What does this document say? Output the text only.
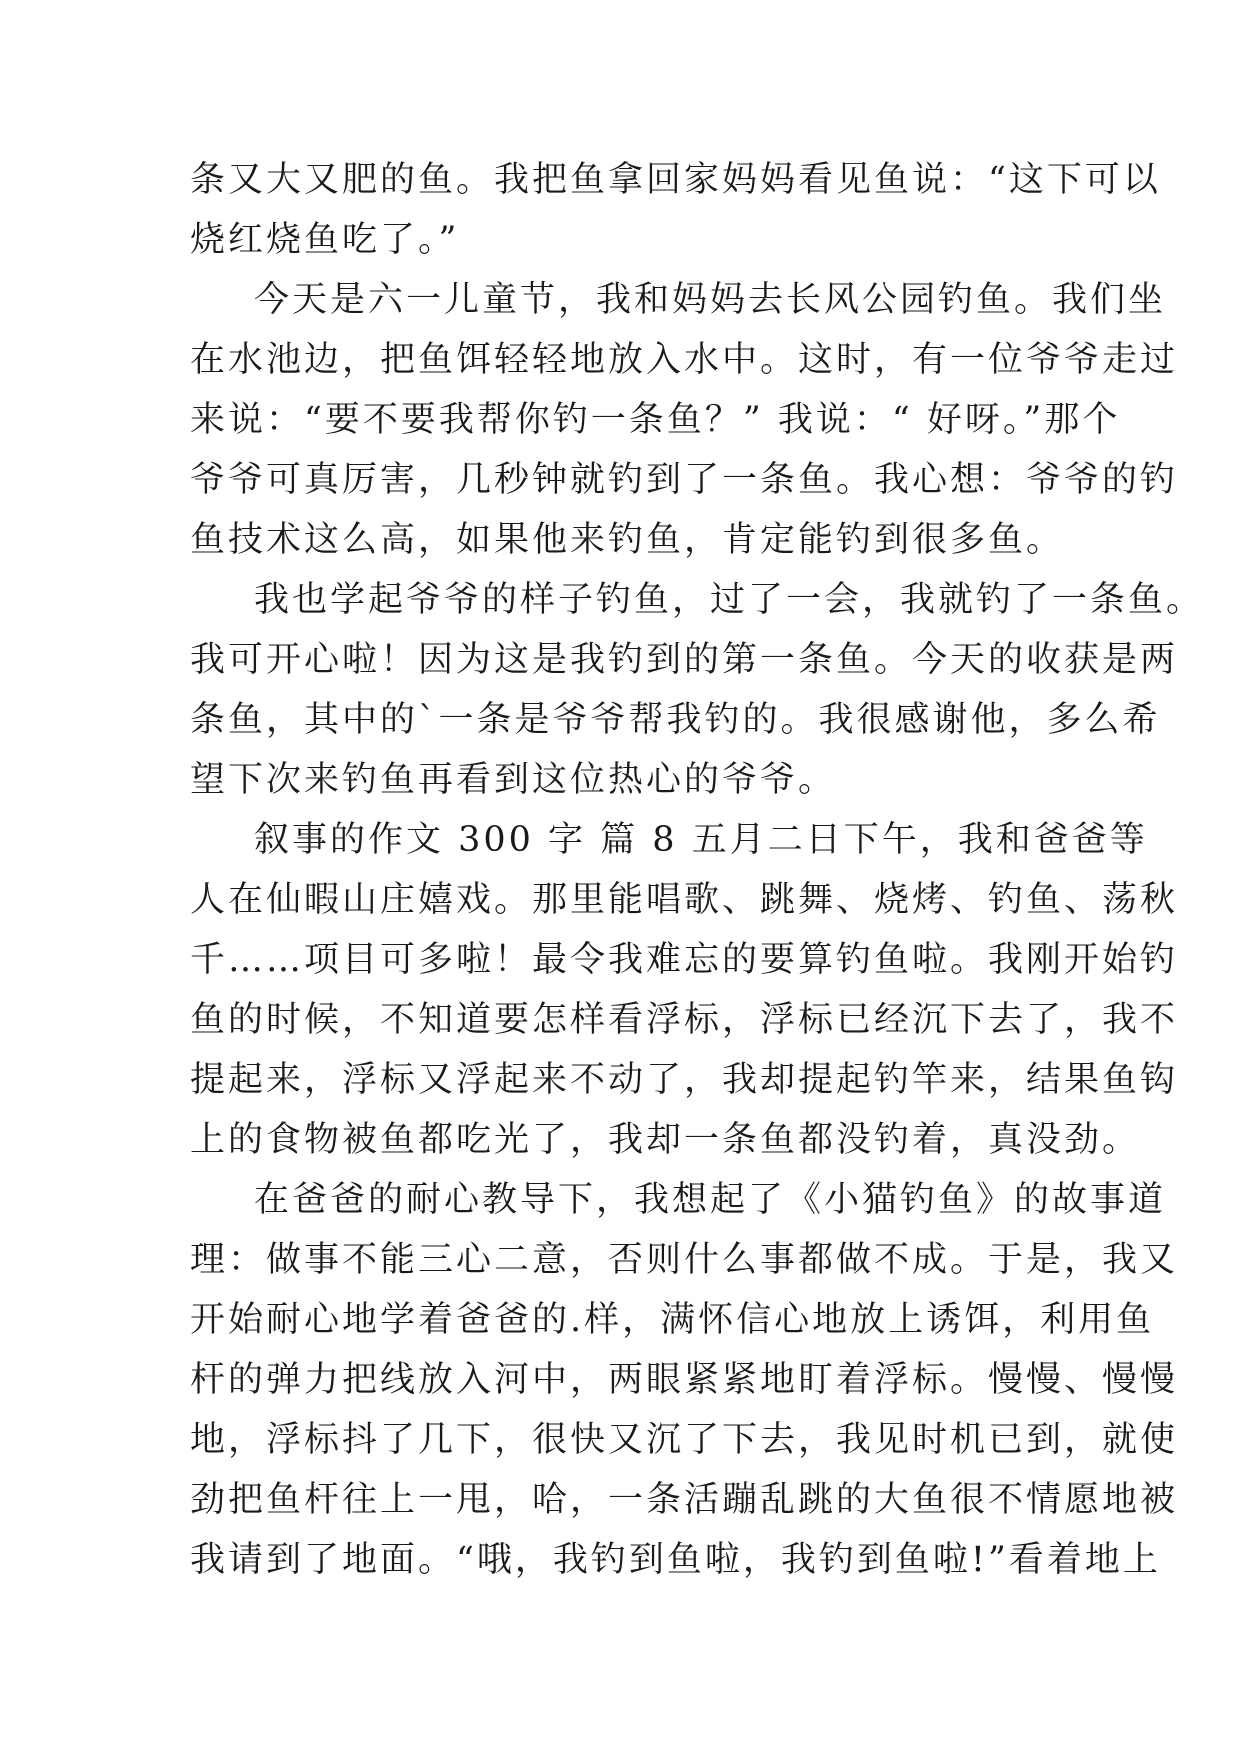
条又大又肥的鱼。我把鱼拿回家妈妈看见鱼说：“这下可以
烧红烧鱼吃了。”
今天是六一儿童节，我和妈妈去长风公园钓鱼。我们坐
在水池边，把鱼饵轻轻地放入水中。这时，有一位爷爷走过
来说：“要不要我帮你钓一条鱼？” 我说：“ 好呀。”那个
爷爷可真厉害，几秒钟就钓到了一条鱼。我心想：爷爷的钓
鱼技术这么高，如果他来钓鱼，肯定能钓到很多鱼。
我也学起爷爷的样子钓鱼，过了一会，我就钓了一条鱼。
我可开心啦！因为这是我钓到的第一条鱼。今天的收获是两
条鱼，其中的`一条是爷爷帮我钓的。我很感谢他，多么希
望下次来钓鱼再看到这位热心的爷爷。
叙事的作文 300 字 篇 8 五月二日下午，我和爸爸等
人在仙暇山庄嬉戏。那里能唱歌、跳舞、烧烤、钓鱼、荡秋
千……项目可多啦！最令我难忘的要算钓鱼啦。我刚开始钓
鱼的时候，不知道要怎样看浮标，浮标已经沉下去了，我不
提起来，浮标又浮起来不动了，我却提起钓竿来，结果鱼钩
上的食物被鱼都吃光了，我却一条鱼都没钓着，真没劲。
在爸爸的耐心教导下，我想起了《小猫钓鱼》的故事道
理：做事不能三心二意，否则什么事都做不成。于是，我又
开始耐心地学着爸爸的.样，满怀信心地放上诱饵，利用鱼
杆的弹力把线放入河中，两眼紧紧地盯着浮标。慢慢、慢慢
地，浮标抖了几下，很快又沉了下去，我见时机已到，就使
劲把鱼杆往上一甩，哈，一条活蹦乱跳的大鱼很不情愿地被
我请到了地面。“哦，我钓到鱼啦，我钓到鱼啦!”看着地上
